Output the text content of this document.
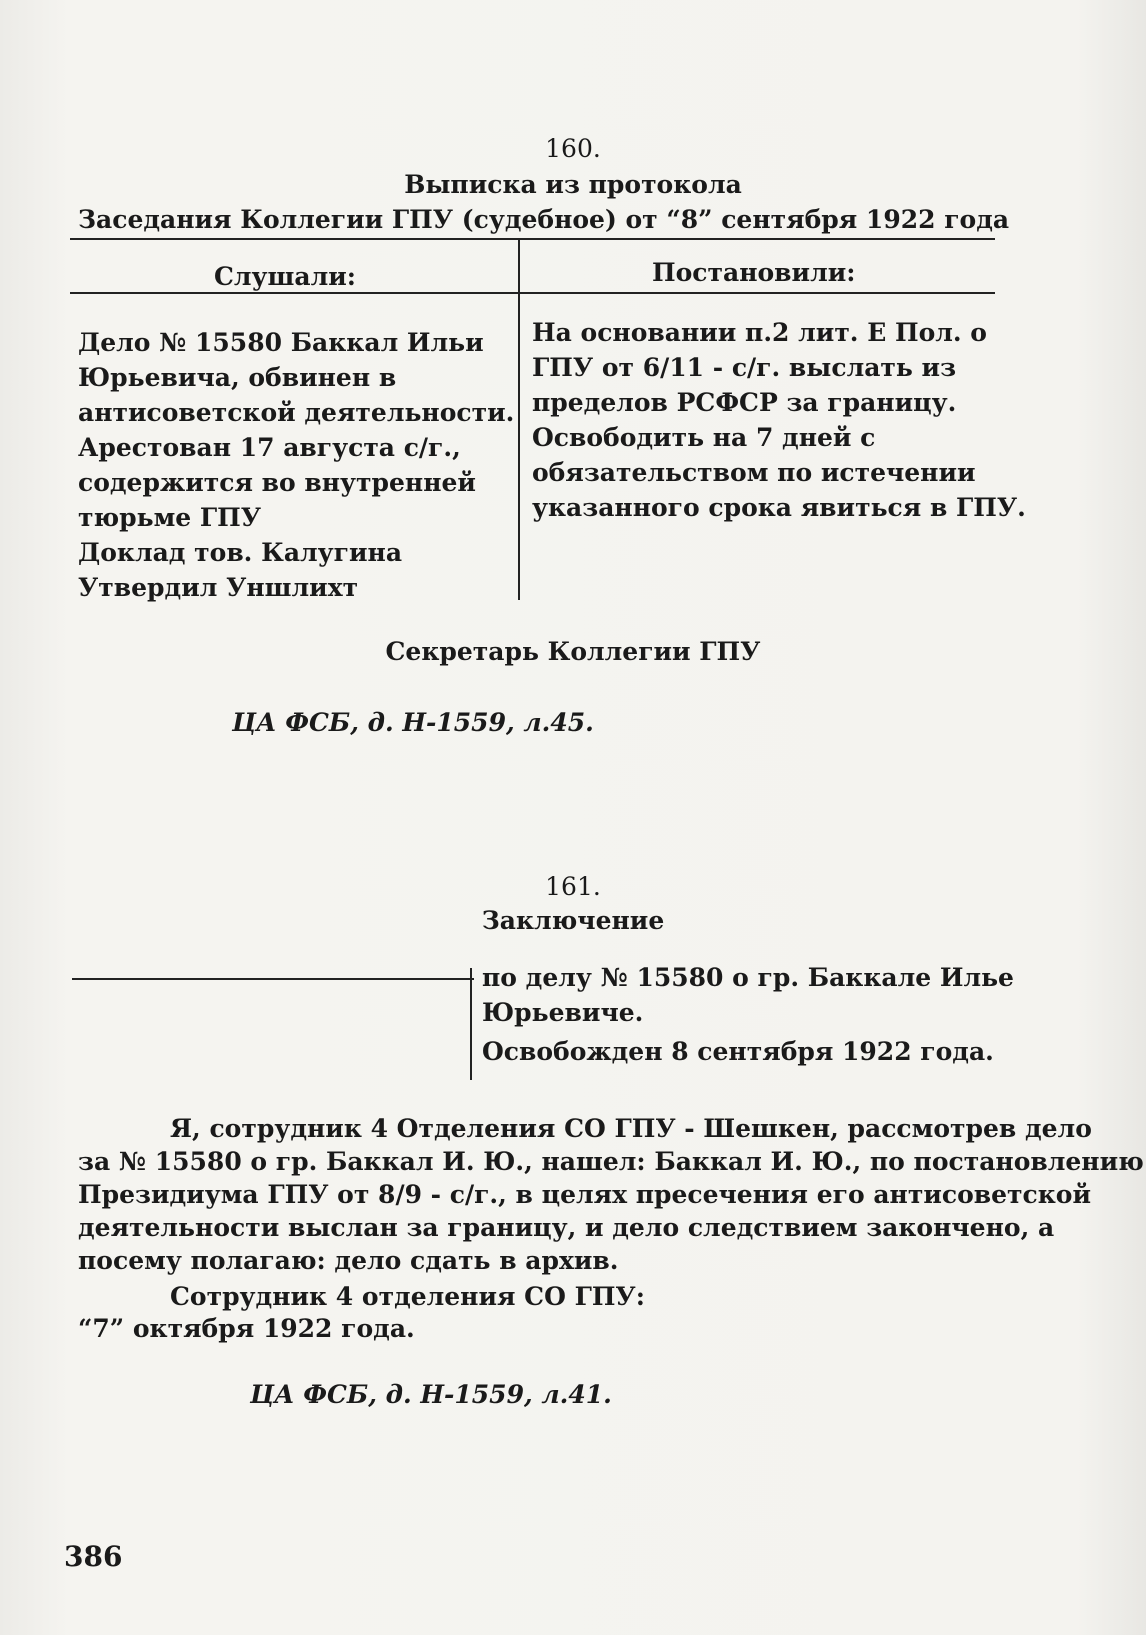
160.
Выписка из протокола
Заседания Коллегии ГПУ (судебное) от “8” сентября 1922 года
Слушали:	Постановили:
Дело № 15580 Баккал Ильи
Юрьевича, обвинен в
антисоветской деятельности.
Арестован 17 августа с/г.,
содержится во внутренней
тюрьме ГПУ
Доклад тов. Калугина
Утвердил Уншлихт
На основании п.2 лит. Е Пол. о
ГПУ от 6/11 - с/г. выслать из
пределов РСФСР за границу.
Освободить на 7 дней с
обязательством по истечении
указанного срока явиться в ГПУ.
Секретарь Коллегии ГПУ
ЦА ФСБ, д. Н-1559, л.45.
161.
Заключение
по делу № 15580 о гр. Баккале Илье
Юрьевиче.
Освобожден 8 сентября 1922 года.
Я, сотрудник 4 Отделения СО ГПУ - Шешкен, рассмотрев дело
за № 15580 о гр. Баккал И. Ю., нашел: Баккал И. Ю., по постановлению
Президиума ГПУ от 8/9 - с/г., в целях пресечения его антисоветской
деятельности выслан за границу, и дело следствием закончено, а
посему полагаю: дело сдать в архив.
Сотрудник 4 отделения СО ГПУ:
“7” октября 1922 года.
ЦА ФСБ, д. Н-1559, л.41.
386
